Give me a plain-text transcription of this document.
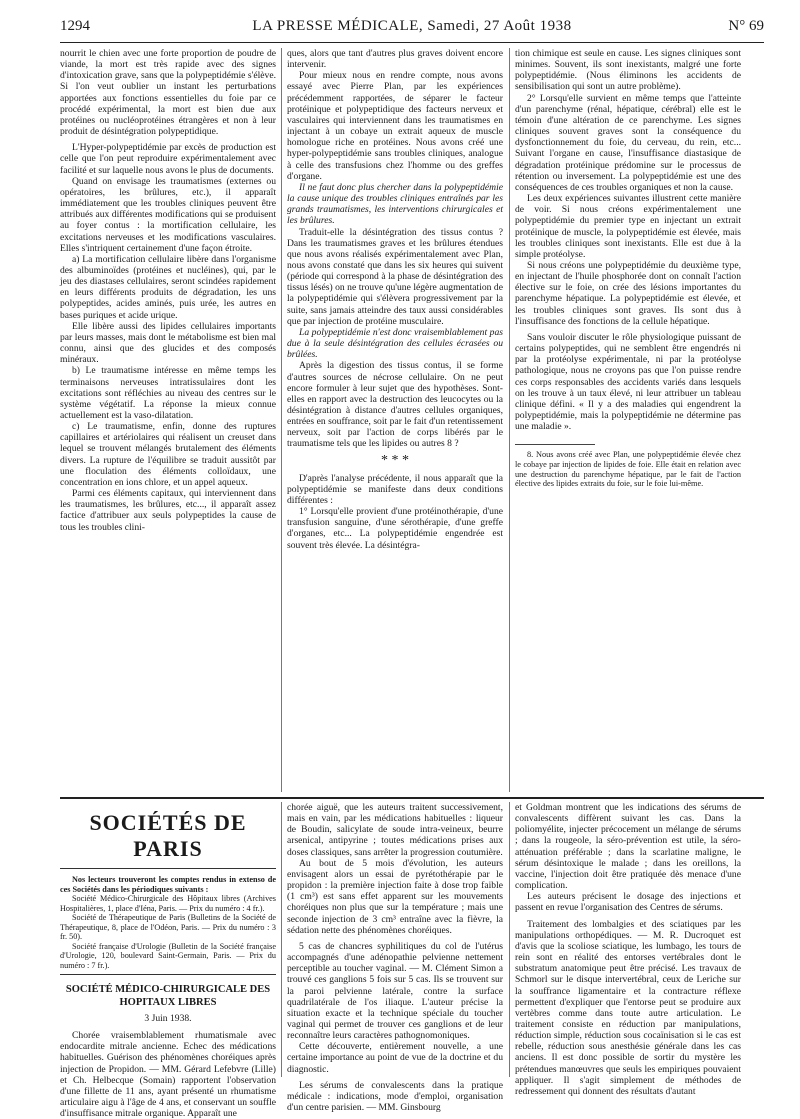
1294	LA PRESSE MÉDICALE, Samedi, 27 Août 1938	N° 69

nourrit le chien avec une forte proportion de poudre de viande, la mort est très rapide avec des signes d'intoxication grave, sans que la polypeptidémie s'élève. Si l'on veut oublier un instant les perturbations apportées aux fonctions essentielles du foie par ce procédé expérimental, la mort est bien due aux protéines ou nucléoprotéines étrangères et non à leur produit de désintégration polypeptidique.

L'Hyper-polypeptidémie par excès de production est celle que l'on peut reproduire expérimentalement avec facilité et sur laquelle nous avons le plus de documents.

Quand on envisage les traumatismes (externes ou opératoires, les brûlures, etc.), il apparaît immédiatement que les troubles cliniques peuvent être attribués aux différentes modifications qui se produisent au foyer contus : la mortification cellulaire, les excitations nerveuses et les modifications vasculaires. Elles s'intriquent certainement d'une façon étroite.

a) La mortification cellulaire libère dans l'organisme des albuminoïdes (protéines et nucléines), qui, par le jeu des diastases cellulaires, seront scindées rapidement en leurs différents produits de dégradation, les uns polypeptides, acides aminés, puis urée, les autres en bases puriques et acide urique.

Elle libère aussi des lipides cellulaires importants par leurs masses, mais dont le métabolisme est bien mal connu, ainsi que des glucides et des composés minéraux.

b) Le traumatisme intéresse en même temps les terminaisons nerveuses intratissulaires dont les excitations sont réfléchies au niveau des centres sur le système végétatif. La réponse la mieux connue actuellement est la vaso-dilatation.

c) Le traumatisme, enfin, donne des ruptures capillaires et artériolaires qui réalisent un creuset dans lequel se trouvent mélangés brutalement des éléments divers. La rupture de l'équilibre se traduit aussitôt par une floculation des éléments colloïdaux, une concentration en ions chlore, et un appel aqueux.

Parmi ces éléments capitaux, qui interviennent dans les traumatismes, les brûlures, etc..., il apparaît assez factice d'attribuer aux seuls polypeptides la cause de tous les troubles clini-

ques, alors que tant d'autres plus graves doivent encore intervenir.

Pour mieux nous en rendre compte, nous avons essayé avec Pierre Plan, par les expériences précédemment rapportées, de séparer le facteur protéinique et polypeptidique des facteurs nerveux et vasculaires qui interviennent dans les traumatismes en injectant à un cobaye un extrait aqueux de muscle homologue riche en protéines. Nous avons créé une hyper-polypeptidémie sans troubles cliniques, analogue à celle des transfusions chez l'homme ou des greffes d'organe.

Il ne faut donc plus chercher dans la polypeptidémie la cause unique des troubles cliniques entraînés par les grands traumatismes, les interventions chirurgicales et les brûlures.

Traduit-elle la désintégration des tissus contus ? Dans les traumatismes graves et les brûlures étendues que nous avons réalisés expérimentalement avec Plan, nous avons constaté que dans les six heures qui suivent (période qui correspond à la phase de désintégration des tissus lésés) on ne trouve qu'une légère augmentation de la polypeptidémie qui s'élèvera progressivement par la suite, sans jamais atteindre des taux aussi considérables que par injection de protéine musculaire.

La polypeptidémie n'est donc vraisemblablement pas due à la seule désintégration des cellules écrasées ou brûlées.

Après la digestion des tissus contus, il se forme d'autres sources de nécrose cellulaire. On ne peut encore formuler à leur sujet que des hypothèses. Sont-elles en rapport avec la destruction des leucocytes ou la désintégration à distance d'autres cellules organiques, entrées en souffrance, soit par le fait d'un retentissement nerveux, soit par l'action de corps libérés par le traumatisme tels que les lipides ou autres 8 ?

* * *

D'après l'analyse précédente, il nous apparaît que la polypeptidémie se manifeste dans deux conditions différentes :

1° Lorsqu'elle provient d'une protéinothérapie, d'une transfusion sanguine, d'une sérothérapie, d'une greffe d'organes, etc... La polypeptidémie engendrée est souvent très élevée. La désintégra-

tion chimique est seule en cause. Les signes cliniques sont minimes. Souvent, ils sont inexistants, malgré une forte polypeptidémie. (Nous éliminons les accidents de sensibilisation qui sont un autre problème).

2° Lorsqu'elle survient en même temps que l'atteinte d'un parenchyme (rénal, hépatique, cérébral) elle est le témoin d'une altération de ce parenchyme. Les signes cliniques souvent graves sont la conséquence du dysfonctionnement du foie, du cerveau, du rein, etc... Suivant l'organe en cause, l'insuffisance diastasique de dégradation protéinique prédomine sur le processus de rétention ou inversement. La polypeptidémie est une des conséquences de ces troubles organiques et non la cause.

Les deux expériences suivantes illustrent cette manière de voir. Si nous créons expérimentalement une polypeptidémie du premier type en injectant un extrait protéinique de muscle, la polypeptidémie est élevée, mais les troubles cliniques sont inexistants. Elle est due à la simple protéolyse.

Si nous créons une polypeptidémie du deuxième type, en injectant de l'huile phosphorée dont on connaît l'action élective sur le foie, on crée des lésions importantes du parenchyme hépatique. La polypeptidémie est élevée, et les troubles cliniques sont graves. Ils sont dus à l'insuffisance des fonctions de la cellule hépatique.

Sans vouloir discuter le rôle physiologique puissant de certains polypeptides, qui ne semblent être engendrés ni par la protéolyse expérimentale, ni par la protéolyse pathologique, nous ne croyons pas que l'on puisse rendre ces corps responsables des accidents variés dans lesquels on les trouve à un taux élevé, ni leur attribuer un tableau clinique défini. « Il y a des maladies qui engendrent la polypeptidémie, mais la polypeptidémie ne détermine pas une maladie ».

8. Nous avons créé avec Plan, une polypeptidémie élevée chez le cobaye par injection de lipides de foie. Elle était en relation avec une destruction du parenchyme hépatique, par le fait de l'action élective des lipides extraits du foie, sur le foie lui-même.

SOCIÉTÉS DE PARIS

Nos lecteurs trouveront les comptes rendus in extenso de ces Sociétés dans les périodiques suivants :

Société Médico-Chirurgicale des Hôpitaux libres (Archives Hospitalières, 1, place d'Iéna, Paris. — Prix du numéro : 4 fr.).

Société de Thérapeutique de Paris (Bulletins de la Société de Thérapeutique, 8, place de l'Odéon, Paris. — Prix du numéro : 3 fr. 50).

Société française d'Urologie (Bulletin de la Société française d'Urologie, 120, boulevard Saint-Germain, Paris. — Prix du numéro : 7 fr.).

SOCIÉTÉ MÉDICO-CHIRURGICALE DES HOPITAUX LIBRES
3 Juin 1938.

Chorée vraisemblablement rhumatismale avec endocardite mitrale ancienne. Echec des médications habituelles. Guérison des phénomènes choréiques après injection de Propidon. — MM. Gérard Lefebvre (Lille) et Ch. Helbecque (Somain) rapportent l'observation d'une fillette de 11 ans, ayant présenté un rhumatisme articulaire aigu à l'âge de 4 ans, et conservant un souffle d'insuffisance mitrale organique. Apparaît une

chorée aiguë, que les auteurs traitent successivement, mais en vain, par les médications habituelles : liqueur de Boudin, salicylate de soude intra-veineux, beurre arsenical, antipyrine ; toutes médications prises aux doses classiques, sans arrêter la progression coutumière.

Au bout de 5 mois d'évolution, les auteurs envisagent alors un essai de pyrétothérapie par le propidon : la première injection faite à dose trop faible (1 cm³) est sans effet apparent sur les mouvements choréiques non plus que sur la température ; mais une seconde injection de 3 cm³ entraîne avec la fièvre, la sédation nette des phénomènes choréiques.

5 cas de chancres syphilitiques du col de l'utérus accompagnés d'une adénopathie pelvienne nettement perceptible au toucher vaginal. — M. Clément Simon a trouvé ces ganglions 5 fois sur 5 cas. Ils se trouvent sur la paroi pelvienne latérale, contre la surface quadrilatérale de l'os iliaque. L'auteur précise la situation exacte et la technique spéciale du toucher vaginal qui permet de trouver ces ganglions et de leur reconnaître leurs caractères pathognomoniques.

Cette découverte, entièrement nouvelle, a une certaine importance au point de vue de la doctrine et du diagnostic.

Les sérums de convalescents dans la pratique médicale : indications, mode d'emploi, organisation d'un centre parisien. — MM. Ginsbourg

et Goldman montrent que les indications des sérums de convalescents diffèrent suivant les cas. Dans la poliomyélite, injecter précocement un mélange de sérums ; dans la rougeole, la séro-prévention est utile, la séro-atténuation préférable ; dans la scarlatine maligne, le sérum désintoxique le malade ; dans les oreillons, la vaccine, l'injection doit être pratiquée dès menace d'une complication.

Les auteurs précisent le dosage des injections et passent en revue l'organisation des Centres de sérums.

Traitement des lombalgies et des sciatiques par les manipulations orthopédiques. — M. R. Ducroquet est d'avis que la scoliose sciatique, les lumbago, les tours de rein sont en réalité des entorses vertébrales dont le substratum anatomique peut être précisé. Les travaux de Schmorl sur le disque intervertébral, ceux de Leriche sur la souffrance ligamentaire et la contracture réflexe permettent d'expliquer que l'entorse peut se produire aux vertèbres comme dans toute autre articulation. Le traitement consiste en réduction par manipulations, réduction simple, réduction sous cocaïnisation si le cas est rebelle, réduction sous anesthésie générale dans les cas anciens. Il est donc possible de sortir du mystère les prétendues manœuvres que seuls les empiriques pouvaient appliquer. Il s'agit simplement de méthodes de redressement qui donnent des résultats d'autant
